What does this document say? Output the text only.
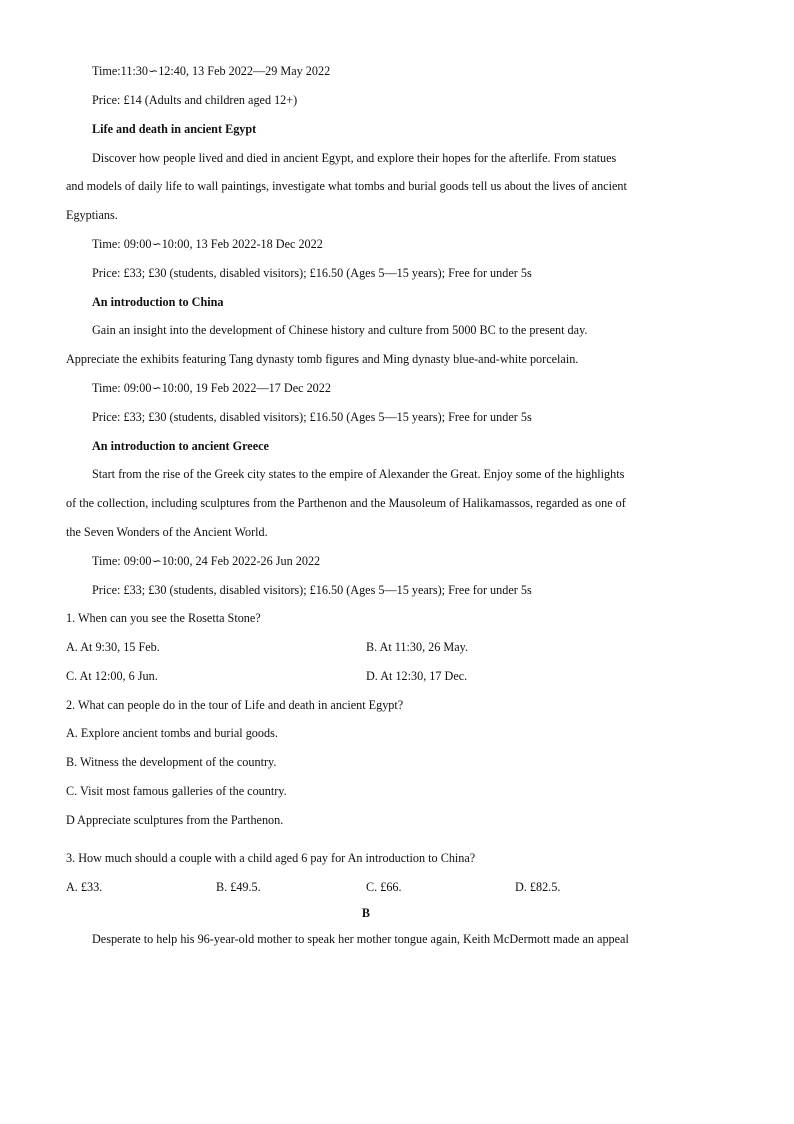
Time:11:30∽12:40, 13 Feb 2022—29 May 2022
Price: £14 (Adults and children aged 12+)
Life and death in ancient Egypt
Discover how people lived and died in ancient Egypt, and explore their hopes for the afterlife. From statues
and models of daily life to wall paintings, investigate what tombs and burial goods tell us about the lives of ancient
Egyptians.
Time: 09:00∽10:00, 13 Feb 2022-18 Dec 2022
Price: £33; £30 (students, disabled visitors); £16.50 (Ages 5—15 years); Free for under 5s
An introduction to China
Gain an insight into the development of Chinese history and culture from 5000 BC to the present day.
Appreciate the exhibits featuring Tang dynasty tomb figures and Ming dynasty blue-and-white porcelain.
Time: 09:00∽10:00, 19 Feb 2022—17 Dec 2022
Price: £33; £30 (students, disabled visitors); £16.50 (Ages 5—15 years); Free for under 5s
An introduction to ancient Greece
Start from the rise of the Greek city states to the empire of Alexander the Great. Enjoy some of the highlights
of the collection, including sculptures from the Parthenon and the Mausoleum of Halikamassos, regarded as one of
the Seven Wonders of the Ancient World.
Time: 09:00∽10:00, 24 Feb 2022-26 Jun 2022
Price: £33; £30 (students, disabled visitors); £16.50 (Ages 5—15 years); Free for under 5s
1. When can you see the Rosetta Stone?
A. At 9:30, 15 Feb.	B. At 11:30, 26 May.
C. At 12:00, 6 Jun.	D. At 12:30, 17 Dec.
2. What can people do in the tour of Life and death in ancient Egypt?
A. Explore ancient tombs and burial goods.
B. Witness the development of the country.
C. Visit most famous galleries of the country.
D Appreciate sculptures from the Parthenon.
3. How much should a couple with a child aged 6 pay for An introduction to China?
A. £33.	B. £49.5.	C. £66.	D. £82.5.
B
Desperate to help his 96-year-old mother to speak her mother tongue again, Keith McDermott made an appeal
